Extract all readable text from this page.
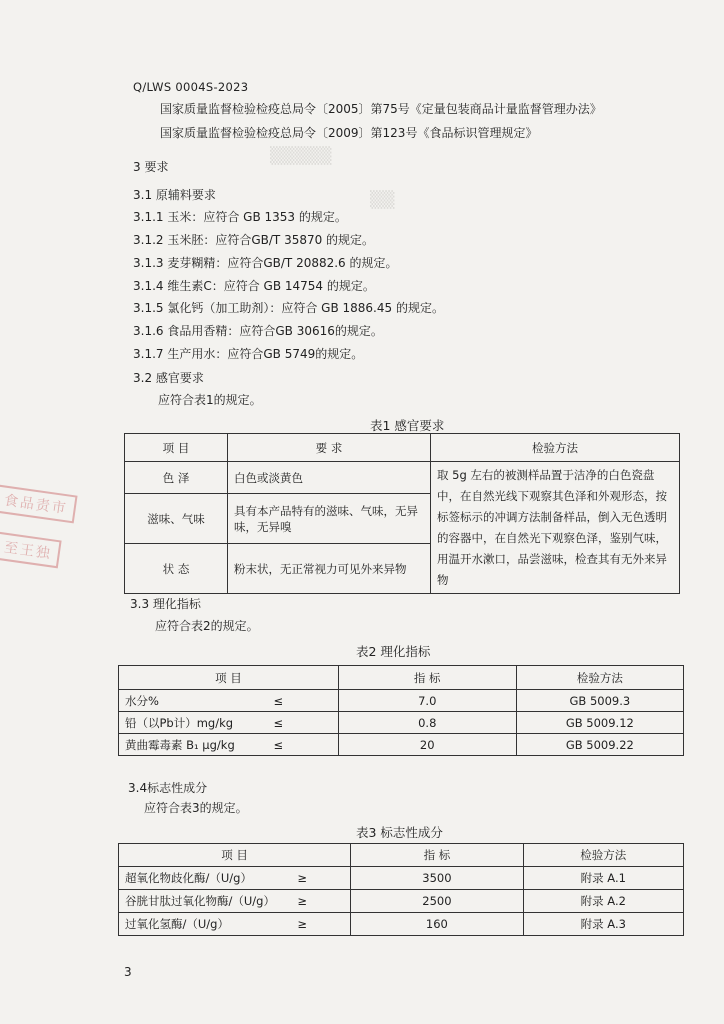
▒▒▒▒▒
▒▒
Q/LWS 0004S-2023
国家质量监督检验检疫总局令〔2005〕第75号《定量包装商品计量监督管理办法》
国家质量监督检验检疫总局令〔2009〕第123号《食品标识管理规定》
3 要求
3.1 原辅料要求
3.1.1 玉米：应符合 GB 1353 的规定。
3.1.2 玉米胚：应符合GB/T 35870 的规定。
3.1.3 麦芽糊精：应符合GB/T 20882.6 的规定。
3.1.4 维生素C：应符合 GB 14754 的规定。
3.1.5 氯化钙（加工助剂）：应符合 GB 1886.45 的规定。
3.1.6 食品用香精：应符合GB 30616的规定。
3.1.7 生产用水：应符合GB 5749的规定。
3.2 感官要求
应符合表1的规定。
表1 感官要求
项 目	要 求	检验方法
色 泽	白色或淡黄色	取 5g 左右的被测样品置于洁净的白色瓷盘中，在自然光线下观察其色泽和外观形态，按标签标示的冲调方法制备样品，倒入无色透明的容器中，在自然光下观察色泽，鉴别气味，用温开水漱口，品尝滋味，检查其有无外来异物
滋味、气味	具有本产品特有的滋味、气味，无异味，无异嗅	
状 态	粉末状，无正常视力可见外来异物	
食品责市
至王独
3.3 理化指标
应符合表2的规定。
表2 理化指标
项 目		指 标	检验方法
水分%	≤	7.0	GB 5009.3
铅（以Pb计）mg/kg	≤	0.8	GB 5009.12
黄曲霉毒素 B₁ μg/kg	≤	20	GB 5009.22
3.4标志性成分
应符合表3的规定。
表3 标志性成分
项 目		指 标	检验方法
超氧化物歧化酶/（U/g）	≥	3500	附录 A.1
谷胱甘肽过氧化物酶/（U/g）	≥	2500	附录 A.2
过氧化氢酶/（U/g）	≥	160	附录 A.3
3
